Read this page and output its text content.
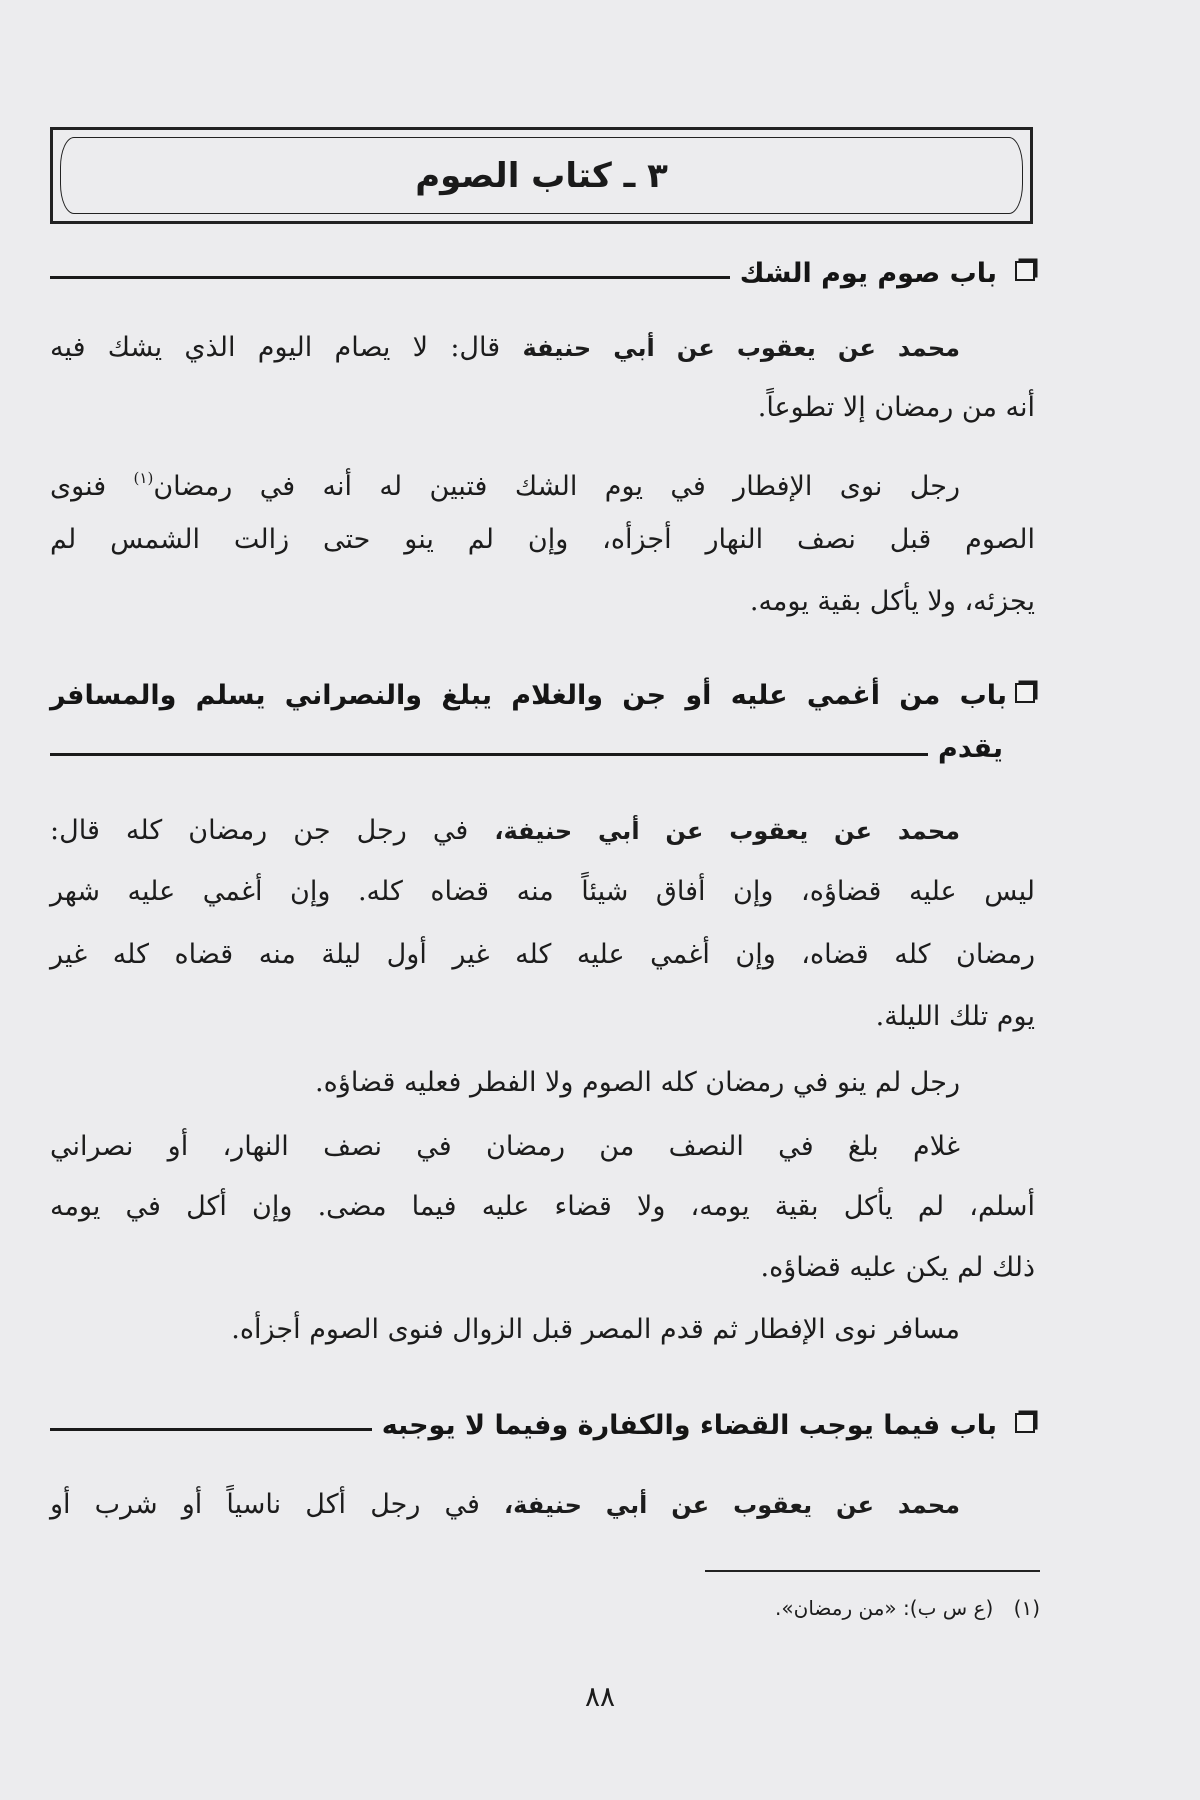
٣ ـ كتاب الصوم
باب صوم يوم الشك
محمد عن يعقوب عن أبي حنيفة قال: لا يصام اليوم الذي يشك فيه
أنه من رمضان إلا تطوعاً.
رجل نوى الإفطار في يوم الشك فتبين له أنه في رمضان$^{(١)}$ فنوى
الصوم قبل نصف النهار أجزأه، وإن لم ينو حتى زالت الشمس لم
يجزئه، ولا يأكل بقية يومه.
باب من أغمي عليه أو جن والغلام يبلغ والنصراني يسلم والمسافر
يقدم
محمد عن يعقوب عن أبي حنيفة، في رجل جن رمضان كله قال:
ليس عليه قضاؤه، وإن أفاق شيئاً منه قضاه كله. وإن أغمي عليه شهر
رمضان كله قضاه، وإن أغمي عليه كله غير أول ليلة منه قضاه كله غير
يوم تلك الليلة.
رجل لم ينو في رمضان كله الصوم ولا الفطر فعليه قضاؤه.
غلام بلغ في النصف من رمضان في نصف النهار، أو نصراني
أسلم، لم يأكل بقية يومه، ولا قضاء عليه فيما مضى. وإن أكل في يومه
ذلك لم يكن عليه قضاؤه.
مسافر نوى الإفطار ثم قدم المصر قبل الزوال فنوى الصوم أجزأه.
باب فيما يوجب القضاء والكفارة وفيما لا يوجبه
محمد عن يعقوب عن أبي حنيفة، في رجل أكل ناسياً أو شرب أو
(١) (ع س ب): «من رمضان».
٨٨
